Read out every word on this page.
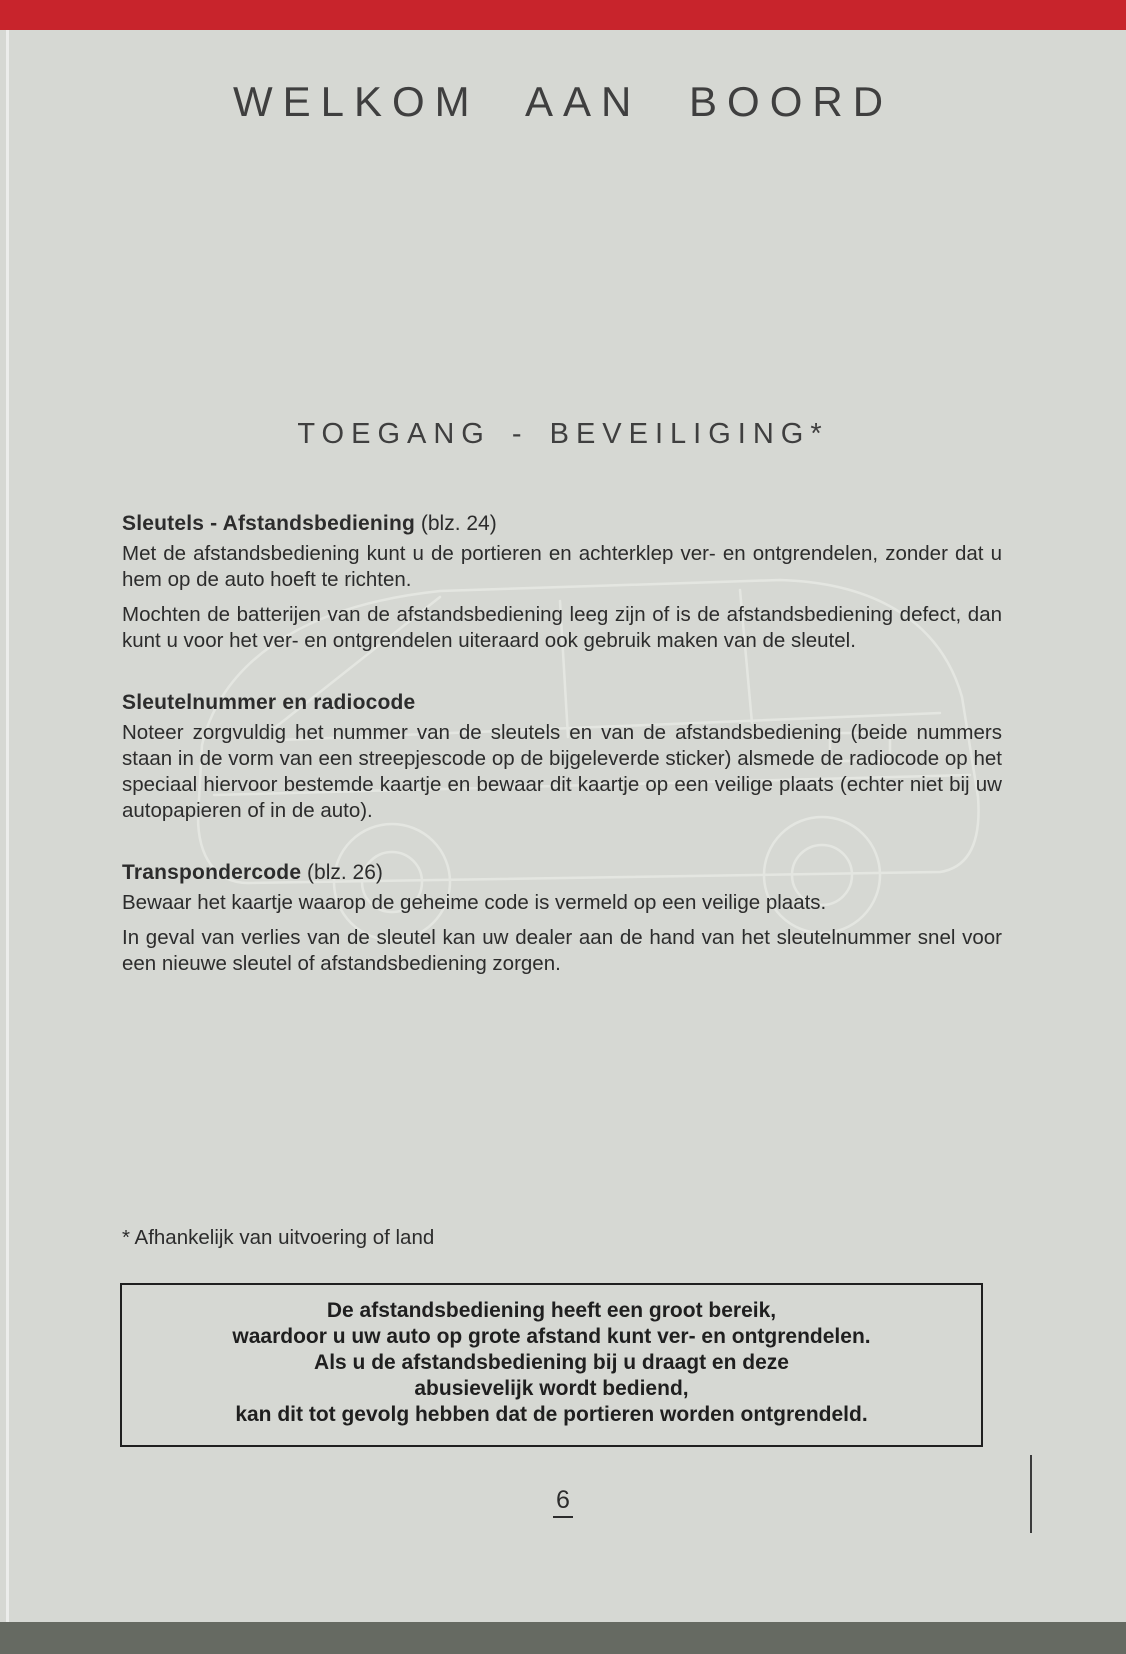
WELKOM AAN BOORD
TOEGANG - BEVEILIGING*

Sleutels - Afstandsbediening (blz. 24)

Met de afstandsbediening kunt u de portieren en achterklep ver- en ontgrendelen, zonder dat u hem op de auto hoeft te richten.

Mochten de batterijen van de afstandsbediening leeg zijn of is de afstandsbediening defect, dan kunt u voor het ver- en ontgrendelen uiteraard ook gebruik maken van de sleutel.

Sleutelnummer en radiocode

Noteer zorgvuldig het nummer van de sleutels en van de afstandsbediening (beide nummers staan in de vorm van een streepjescode op de bijgeleverde sticker) alsmede de radiocode op het speciaal hiervoor bestemde kaartje en bewaar dit kaartje op een veilige plaats (echter niet bij uw autopapieren of in de auto).

Transpondercode (blz. 26)

Bewaar het kaartje waarop de geheime code is vermeld op een veilige plaats.

In geval van verlies van de sleutel kan uw dealer aan de hand van het sleutelnummer snel voor een nieuwe sleutel of afstandsbediening zorgen.

* Afhankelijk van uitvoering of land
De afstandsbediening heeft een groot bereik,
waardoor u uw auto op grote afstand kunt ver- en ontgrendelen.
Als u de afstandsbediening bij u draagt en deze
abusievelijk wordt bediend,
kan dit tot gevolg hebben dat de portieren worden ontgrendeld.
6
